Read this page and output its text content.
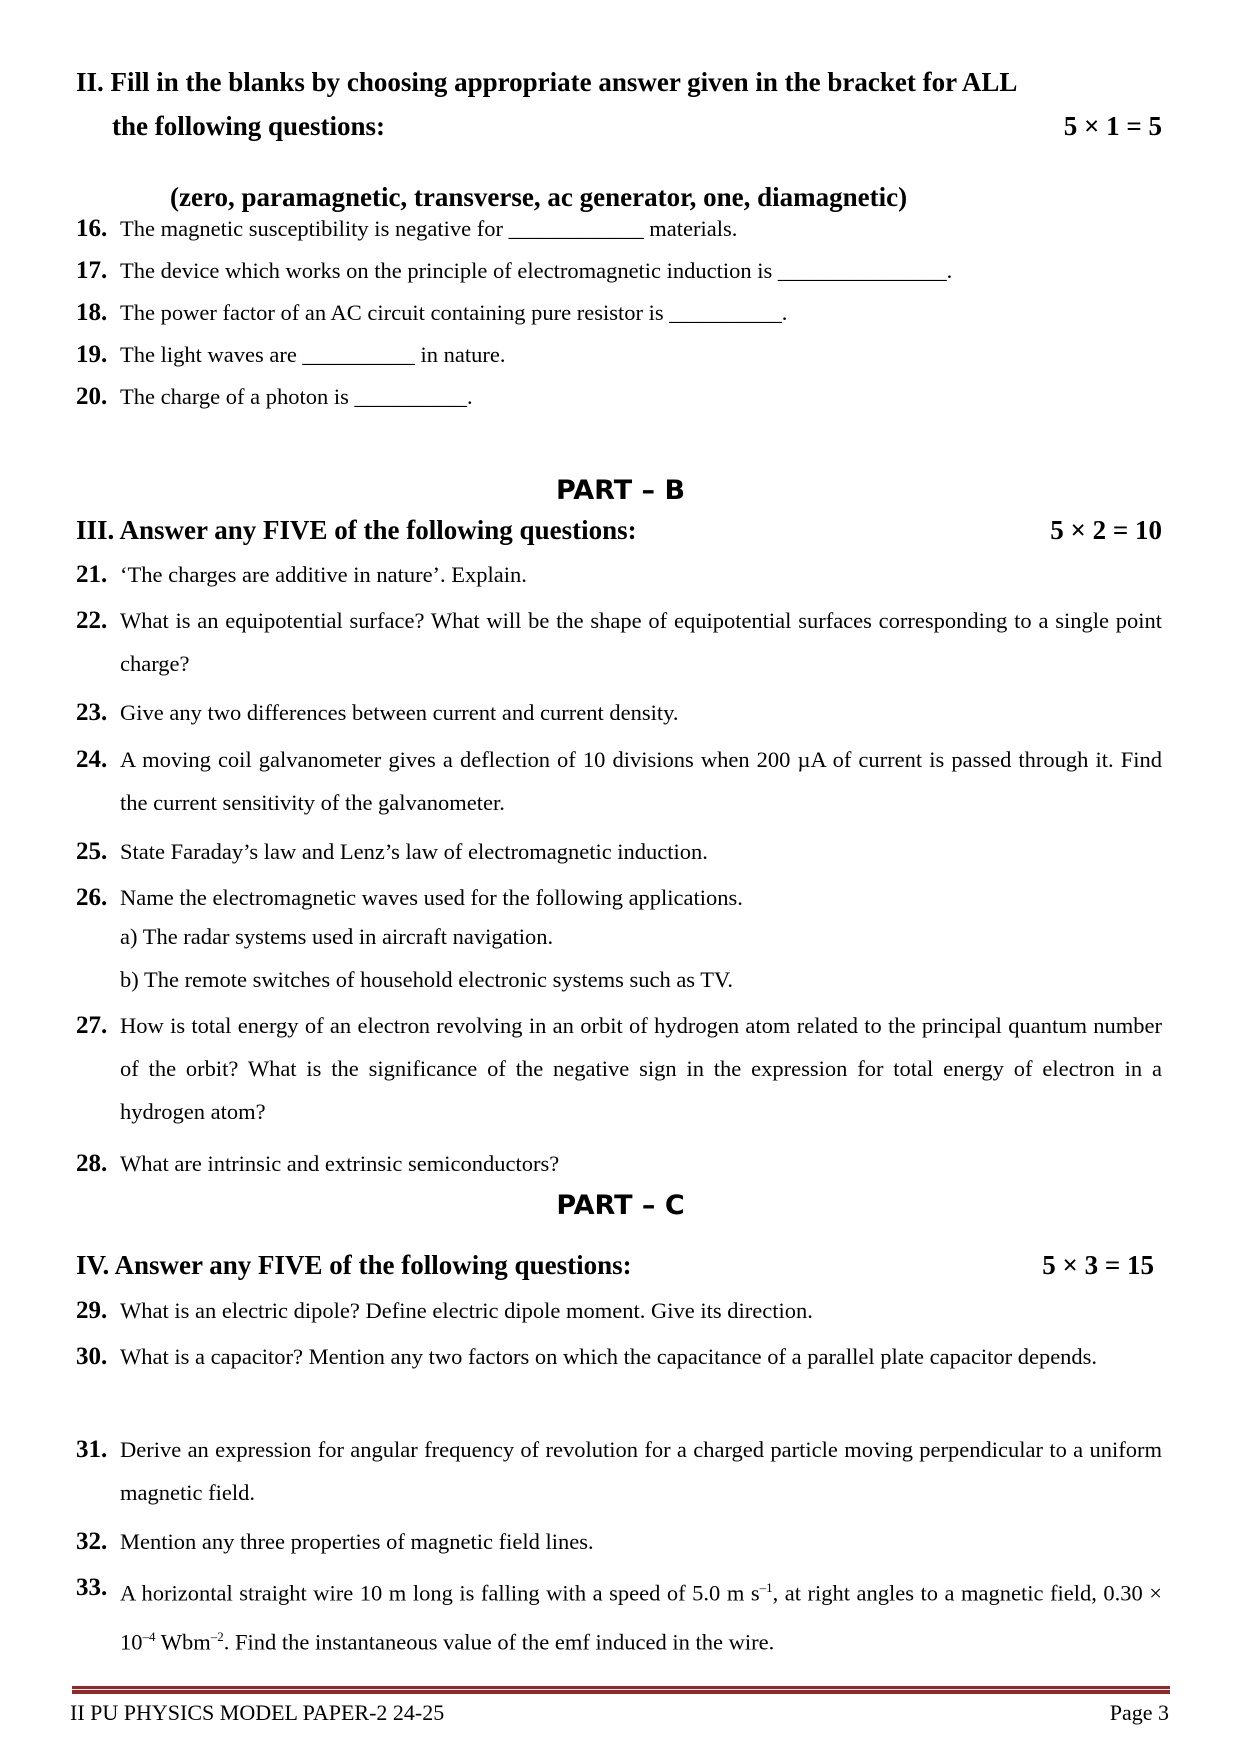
II. Fill in the blanks by choosing appropriate answer given in the bracket for ALL
the following questions:	5 × 1 = 5
(zero, paramagnetic, transverse, ac generator, one, diamagnetic)
16. The magnetic susceptibility is negative for ____________ materials.
17. The device which works on the principle of electromagnetic induction is _______________.
18. The power factor of an AC circuit containing pure resistor is __________.
19. The light waves are __________ in nature.
20. The charge of a photon is __________.
PART – B
III. Answer any FIVE of the following questions:	5 × 2 = 10
21. ‘The charges are additive in nature’. Explain.
22. What is an equipotential surface? What will be the shape of equipotential surfaces corresponding to a single point charge?
23. Give any two differences between current and current density.
24. A moving coil galvanometer gives a deflection of 10 divisions when 200 µA of current is passed through it. Find the current sensitivity of the galvanometer.
25. State Faraday’s law and Lenz’s law of electromagnetic induction.
26. Name the electromagnetic waves used for the following applications.
a) The radar systems used in aircraft navigation.
b) The remote switches of household electronic systems such as TV.
27. How is total energy of an electron revolving in an orbit of hydrogen atom related to the principal quantum number of the orbit? What is the significance of the negative sign in the expression for total energy of electron in a hydrogen atom?
28. What are intrinsic and extrinsic semiconductors?
PART – C
IV. Answer any FIVE of the following questions:	5 × 3 = 15
29. What is an electric dipole? Define electric dipole moment. Give its direction.
30. What is a capacitor? Mention any two factors on which the capacitance of a parallel plate capacitor depends.
31. Derive an expression for angular frequency of revolution for a charged particle moving perpendicular to a uniform magnetic field.
32. Mention any three properties of magnetic field lines.
33. A horizontal straight wire 10 m long is falling with a speed of 5.0 m $s^{-1}$, at right angles to a magnetic field, $0.30 \times 10^{-4}$ Wbm$^{-2}$. Find the instantaneous value of the emf induced in the wire.
II PU PHYSICS MODEL PAPER-2 24-25	Page 3
